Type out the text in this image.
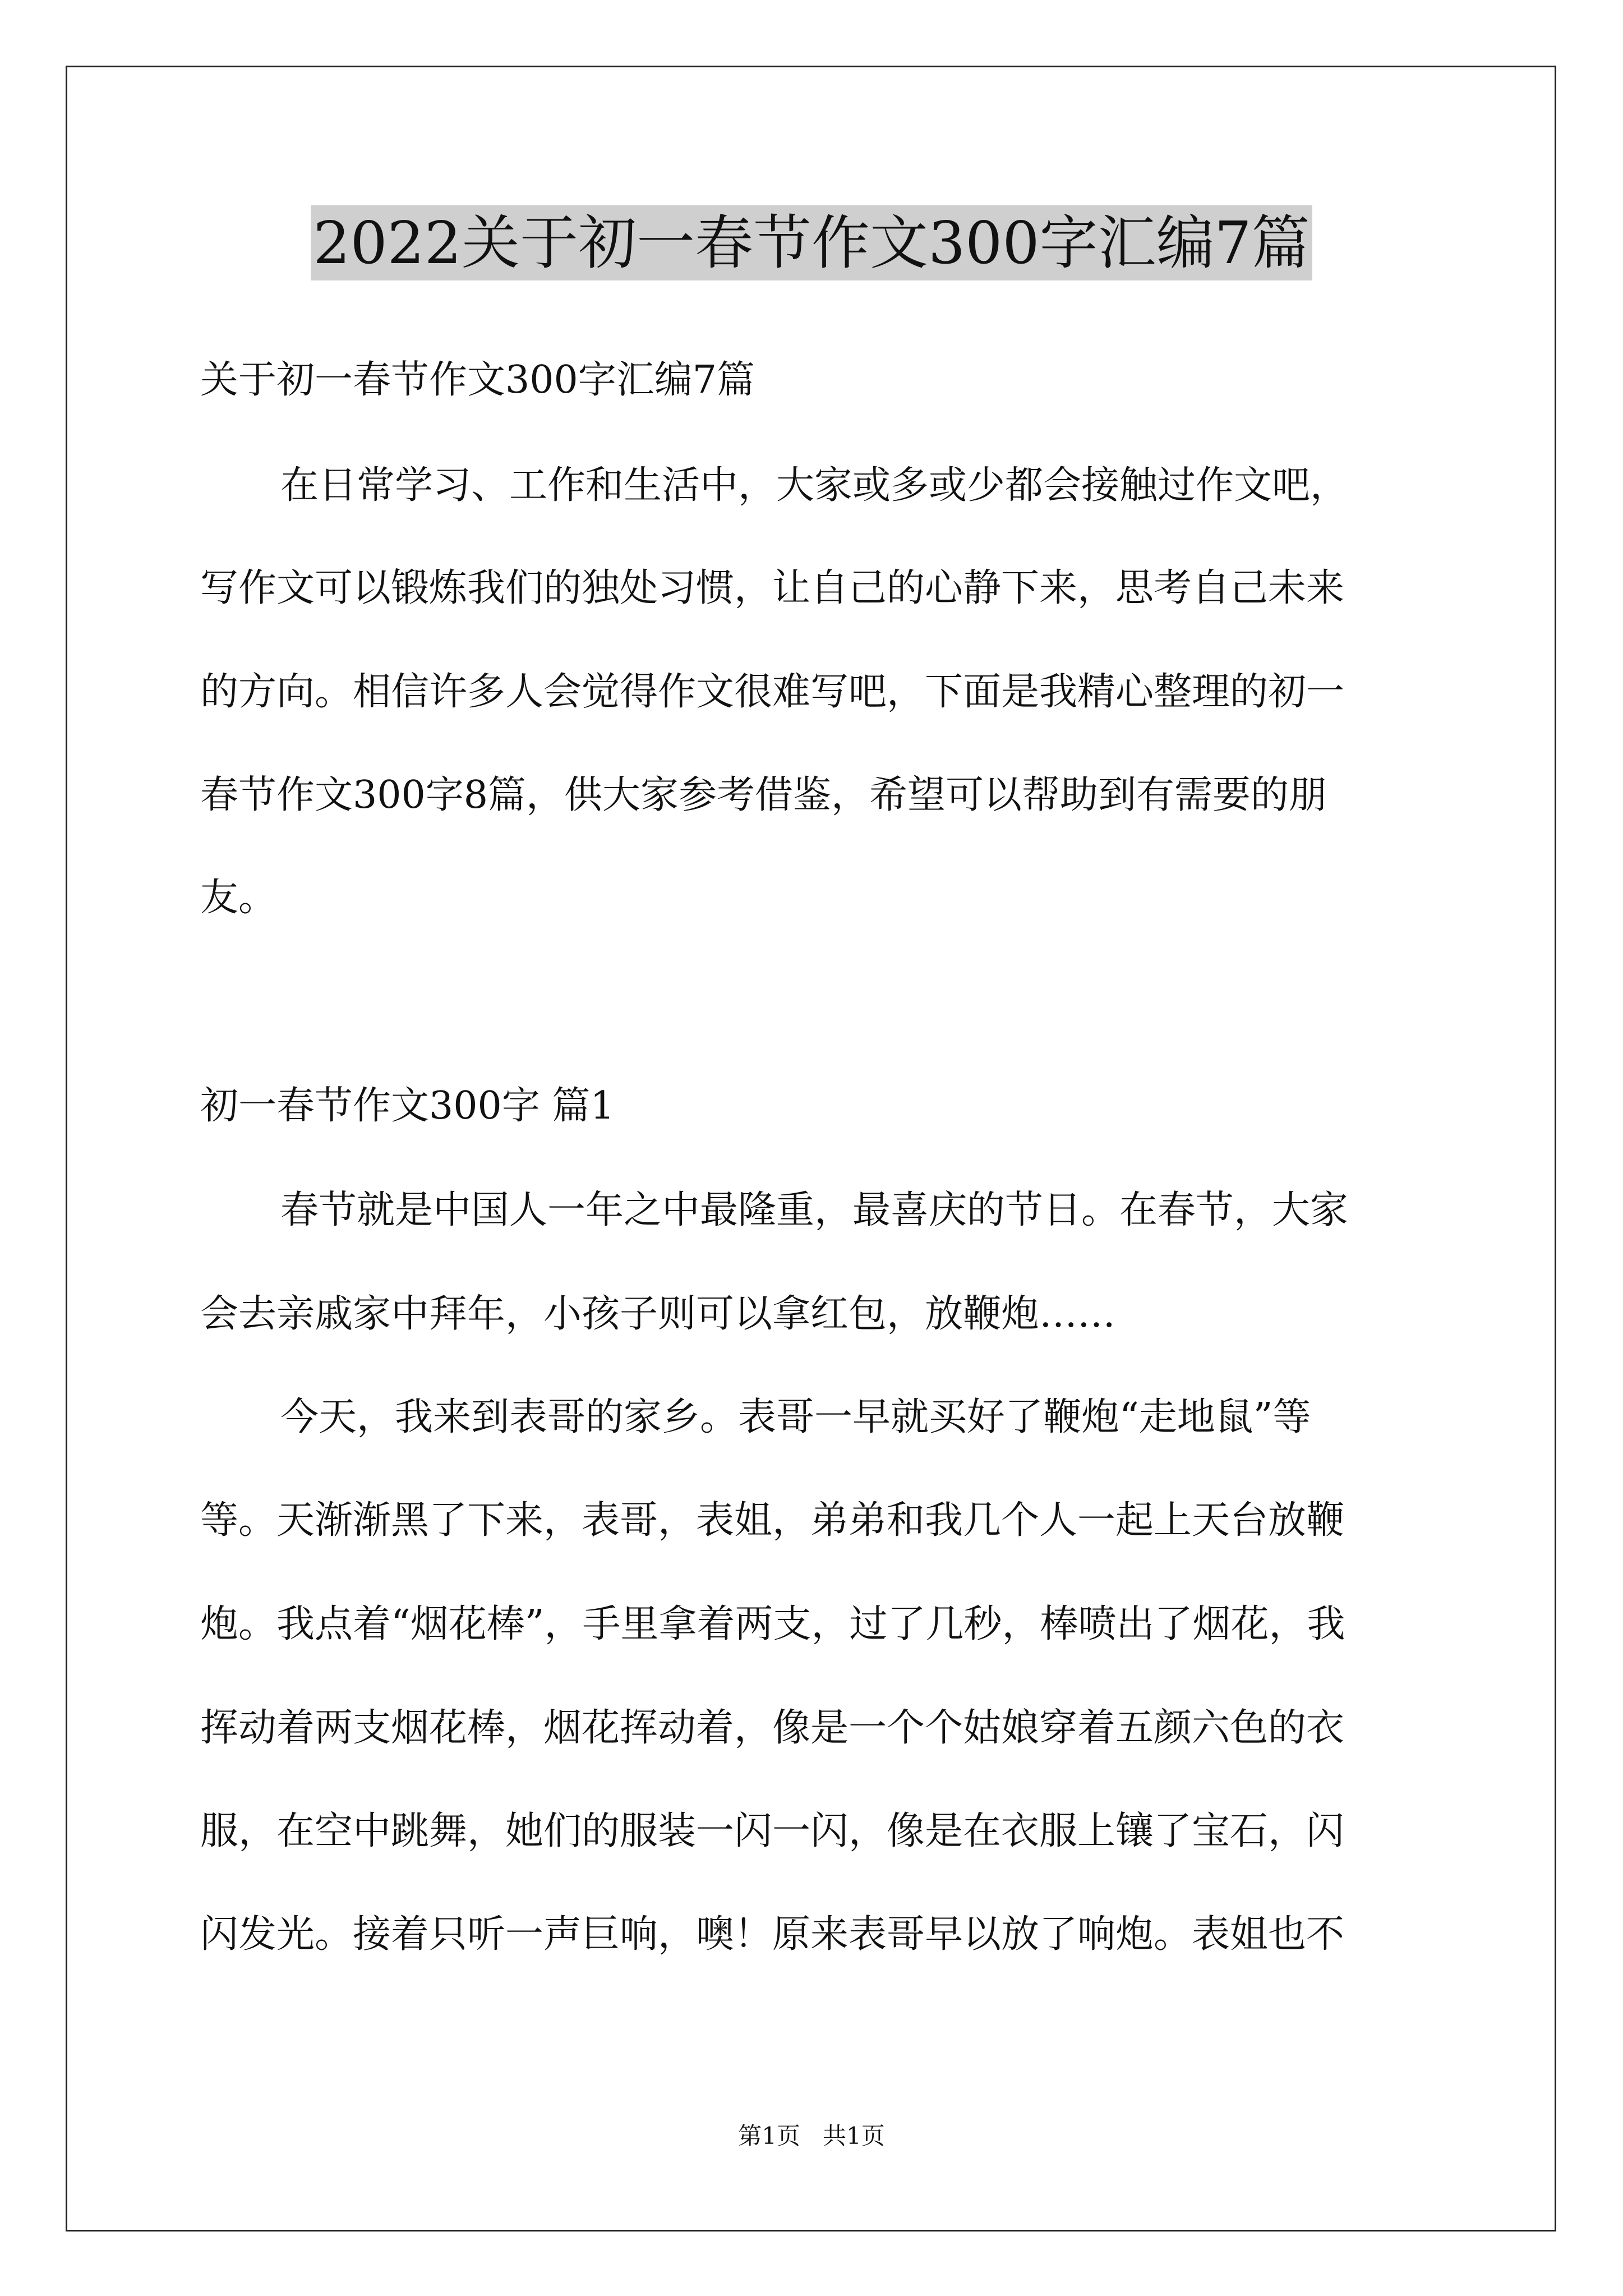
2022关于初一春节作文300字汇编7篇
关于初一春节作文300字汇编7篇
在日常学习、工作和生活中，大家或多或少都会接触过作文吧，
写作文可以锻炼我们的独处习惯，让自己的心静下来，思考自己未来
的方向。相信许多人会觉得作文很难写吧，下面是我精心整理的初一
春节作文300字8篇，供大家参考借鉴，希望可以帮助到有需要的朋
友。
初一春节作文300字 篇1
春节就是中国人一年之中最隆重，最喜庆的节日。在春节，大家
会去亲戚家中拜年，小孩子则可以拿红包，放鞭炮……
今天，我来到表哥的家乡。表哥一早就买好了鞭炮“走地鼠”等
等。天渐渐黑了下来，表哥，表姐，弟弟和我几个人一起上天台放鞭
炮。我点着“烟花棒”，手里拿着两支，过了几秒，棒喷出了烟花，我
挥动着两支烟花棒，烟花挥动着，像是一个个姑娘穿着五颜六色的衣
服，在空中跳舞，她们的服装一闪一闪，像是在衣服上镶了宝石，闪
闪发光。接着只听一声巨响，噢！原来表哥早以放了响炮。表姐也不
第1页   共1页
